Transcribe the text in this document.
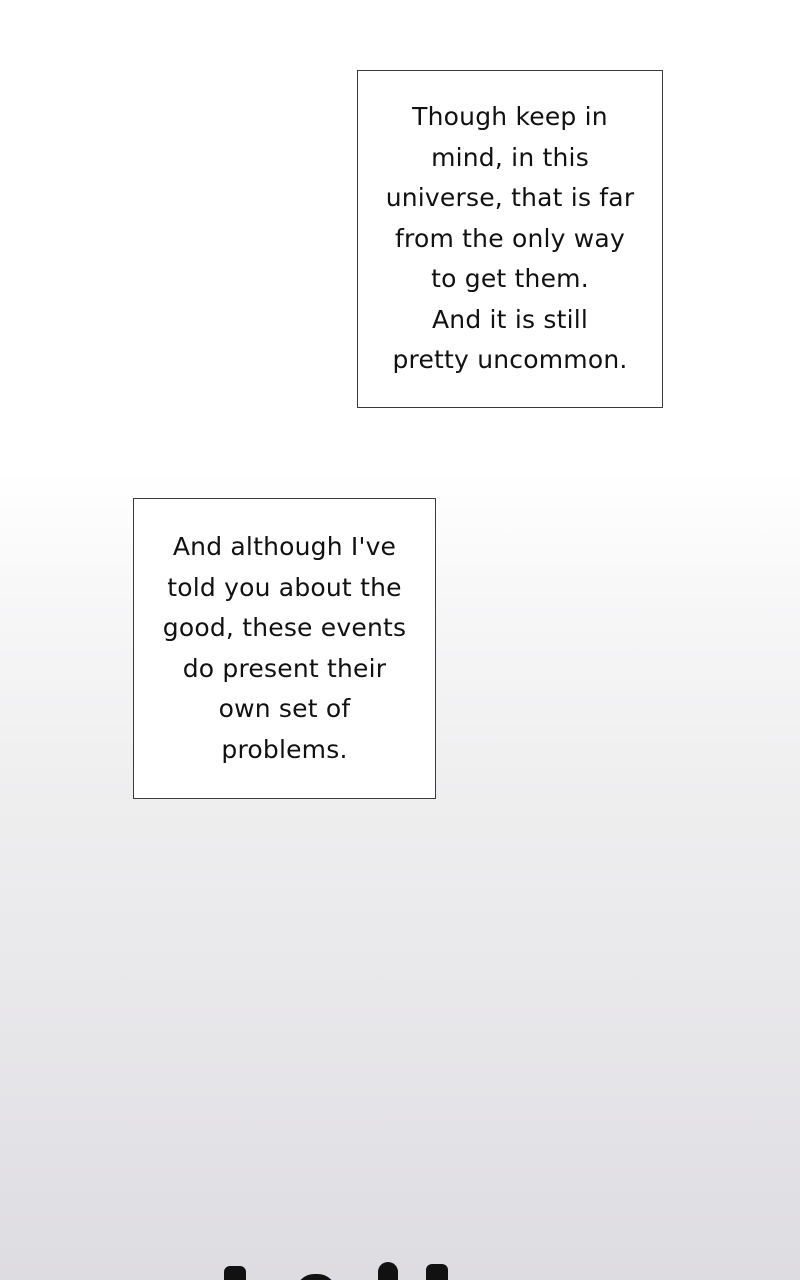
Though keep in
mind, in this
universe, that is far
from the only way
to get them.
And it is still
pretty uncommon.

And although I've
told you about the
good, these events
do present their
own set of
problems.
